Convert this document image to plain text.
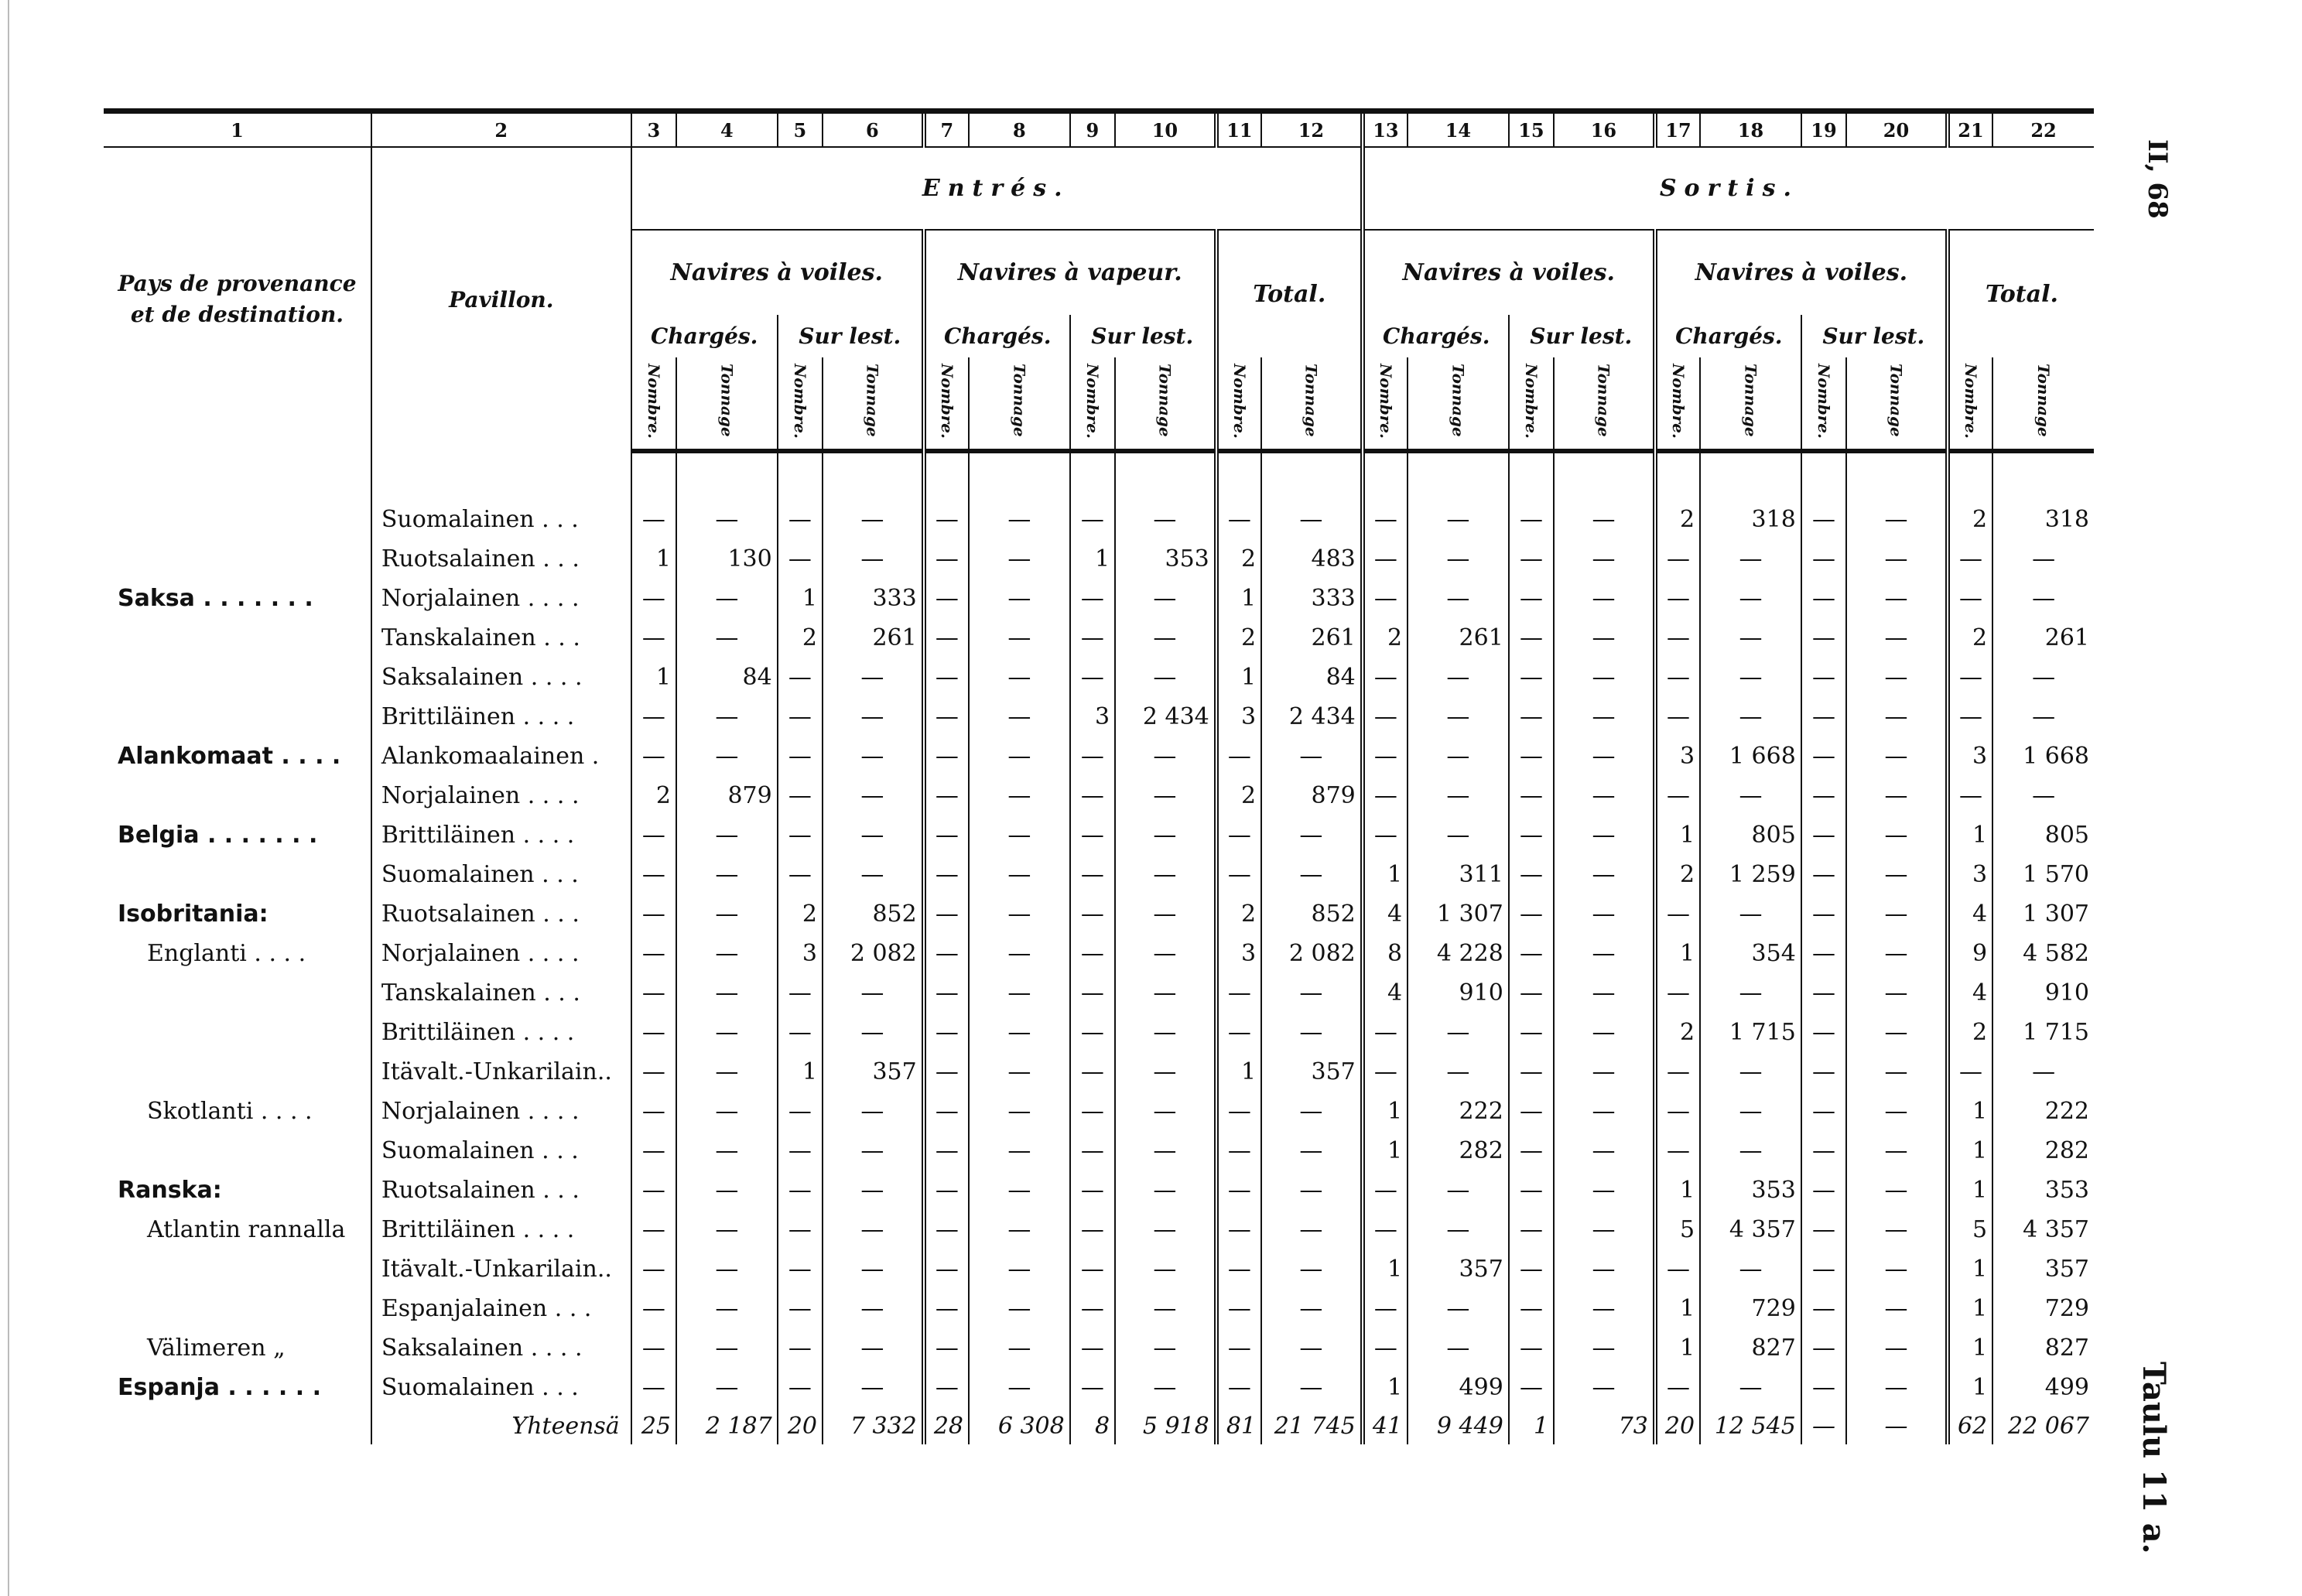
1	2	3	4	5	6	7	8	9	10	11	12	13	14	15	16	17	18	19	20	21	22
Pays de provenance et de destination.	Pavillon.	Entrés.										Sortis.									
		Navires à voiles.				Navires à vapeur.				Total.		Navires à voiles.				Navires à voiles.				Total.	
		Chargés.		Sur lest.		Chargés.		Sur lest.				Chargés.		Sur lest.		Chargés.		Sur lest.			
		Nombre.	Tonnage	Nombre.	Tonnage	Nombre.	Tonnage	Nombre.	Tonnage	Nombre.	Tonnage	Nombre.	Tonnage	Nombre.	Tonnage	Nombre.	Tonnage	Nombre.	Tonnage	Nombre.	Tonnage

	Suomalainen . . .	—	—	—	—	—	—	—	—	—	—	—	—	—	—	2	318	—	—	2	318
	Ruotsalainen . . .	1	130	—	—	—	—	1	353	2	483	—	—	—	—	—	—	—	—	—	—
Saksa . . . . . . .	Norjalainen . . . .	—	—	1	333	—	—	—	—	1	333	—	—	—	—	—	—	—	—	—	—
	Tanskalainen . . .	—	—	2	261	—	—	—	—	2	261	2	261	—	—	—	—	—	—	2	261
	Saksalainen . . . .	1	84	—	—	—	—	—	—	1	84	—	—	—	—	—	—	—	—	—	—
	Brittiläinen . . . .	—	—	—	—	—	—	3	2 434	3	2 434	—	—	—	—	—	—	—	—	—	—
Alankomaat . . . .	Alankomaalainen .	—	—	—	—	—	—	—	—	—	—	—	—	—	—	3	1 668	—	—	3	1 668
	Norjalainen . . . .	2	879	—	—	—	—	—	—	2	879	—	—	—	—	—	—	—	—	—	—
Belgia . . . . . . .	Brittiläinen . . . .	—	—	—	—	—	—	—	—	—	—	—	—	—	—	1	805	—	—	1	805
	Suomalainen . . .	—	—	—	—	—	—	—	—	—	—	1	311	—	—	2	1 259	—	—	3	1 570
Isobritania:	Ruotsalainen . . .	—	—	2	852	—	—	—	—	2	852	4	1 307	—	—	—	—	—	—	4	1 307
Englanti . . . .	Norjalainen . . . .	—	—	3	2 082	—	—	—	—	3	2 082	8	4 228	—	—	1	354	—	—	9	4 582
	Tanskalainen . . .	—	—	—	—	—	—	—	—	—	—	4	910	—	—	—	—	—	—	4	910
	Brittiläinen . . . .	—	—	—	—	—	—	—	—	—	—	—	—	—	—	2	1 715	—	—	2	1 715
	Itävalt.-Unkarilain..	—	—	1	357	—	—	—	—	1	357	—	—	—	—	—	—	—	—	—	—
Skotlanti . . . .	Norjalainen . . . .	—	—	—	—	—	—	—	—	—	—	1	222	—	—	—	—	—	—	1	222
	Suomalainen . . .	—	—	—	—	—	—	—	—	—	—	1	282	—	—	—	—	—	—	1	282
Ranska:	Ruotsalainen . . .	—	—	—	—	—	—	—	—	—	—	—	—	—	—	1	353	—	—	1	353
Atlantin rannalla	Brittiläinen . . . .	—	—	—	—	—	—	—	—	—	—	—	—	—	—	5	4 357	—	—	5	4 357
	Itävalt.-Unkarilain..	—	—	—	—	—	—	—	—	—	—	1	357	—	—	—	—	—	—	1	357
	Espanjalainen . . .	—	—	—	—	—	—	—	—	—	—	—	—	—	—	1	729	—	—	1	729
Välimeren „	Saksalainen . . . .	—	—	—	—	—	—	—	—	—	—	—	—	—	—	1	827	—	—	1	827
Espanja . . . . . .	Suomalainen . . .	—	—	—	—	—	—	—	—	—	—	1	499	—	—	—	—	—	—	1	499
	Yhteensä	25	2 187	20	7 332	28	6 308	8	5 918	81	21 745	41	9 449	1	73	20	12 545	—	—	62	22 067
II, 68
Taulu 11 a.
